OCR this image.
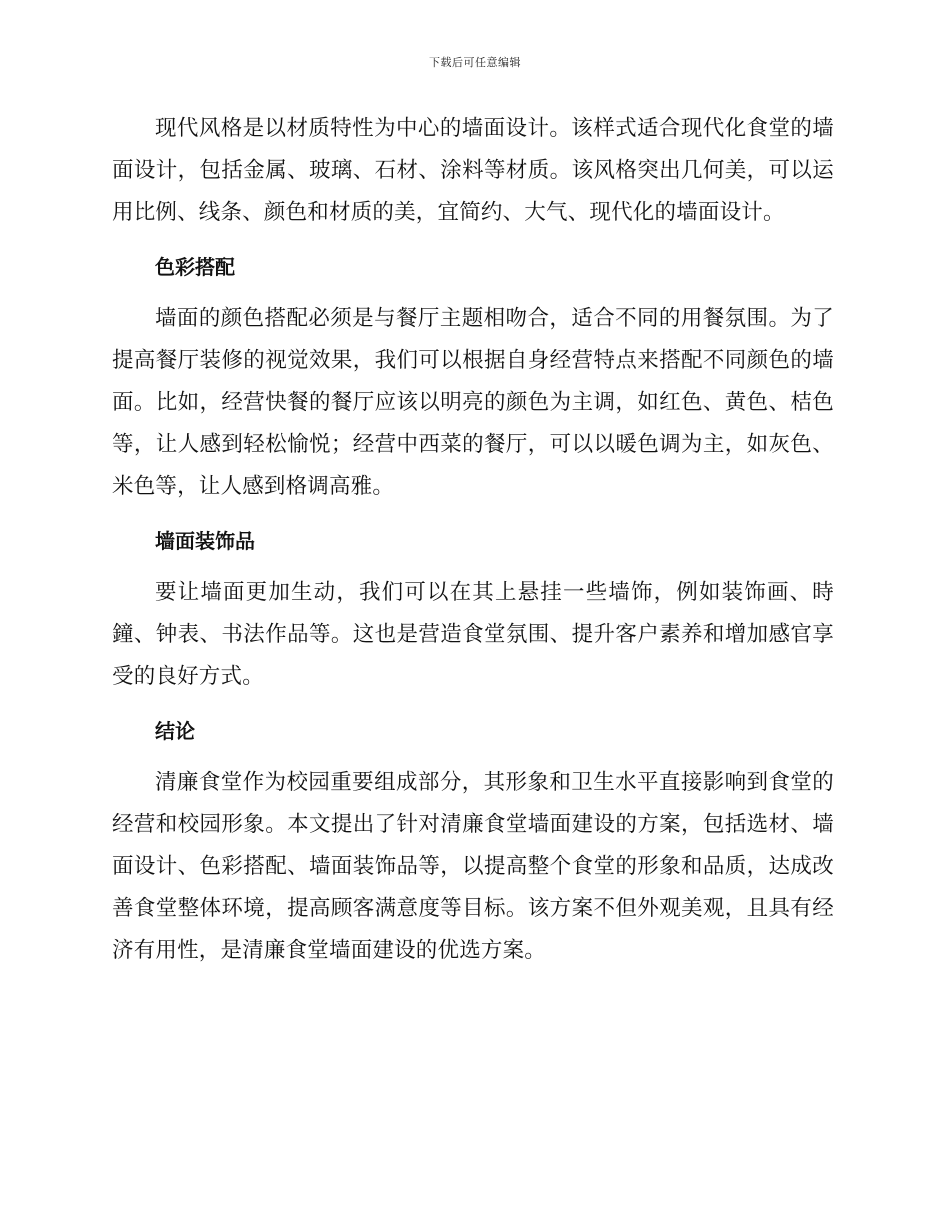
下载后可任意编辑

现代风格是以材质特性为中心的墙面设计。该样式适合现代化食堂的墙面设计，包括金属、玻璃、石材、涂料等材质。该风格突出几何美，可以运用比例、线条、颜色和材质的美，宜简约、大气、现代化的墙面设计。

色彩搭配

墙面的颜色搭配必须是与餐厅主题相吻合，适合不同的用餐氛围。为了提高餐厅装修的视觉效果，我们可以根据自身经营特点来搭配不同颜色的墙面。比如，经营快餐的餐厅应该以明亮的颜色为主调，如红色、黄色、桔色等，让人感到轻松愉悦；经营中西菜的餐厅，可以以暖色调为主，如灰色、米色等，让人感到格调高雅。

墙面装饰品

要让墙面更加生动，我们可以在其上悬挂一些墙饰，例如装饰画、時鐘、钟表、书法作品等。这也是营造食堂氛围、提升客户素养和增加感官享受的良好方式。

结论

清廉食堂作为校园重要组成部分，其形象和卫生水平直接影响到食堂的经营和校园形象。本文提出了针对清廉食堂墙面建设的方案，包括选材、墙面设计、色彩搭配、墙面装饰品等，以提高整个食堂的形象和品质，达成改善食堂整体环境，提高顾客满意度等目标。该方案不但外观美观，且具有经济有用性，是清廉食堂墙面建设的优选方案。
